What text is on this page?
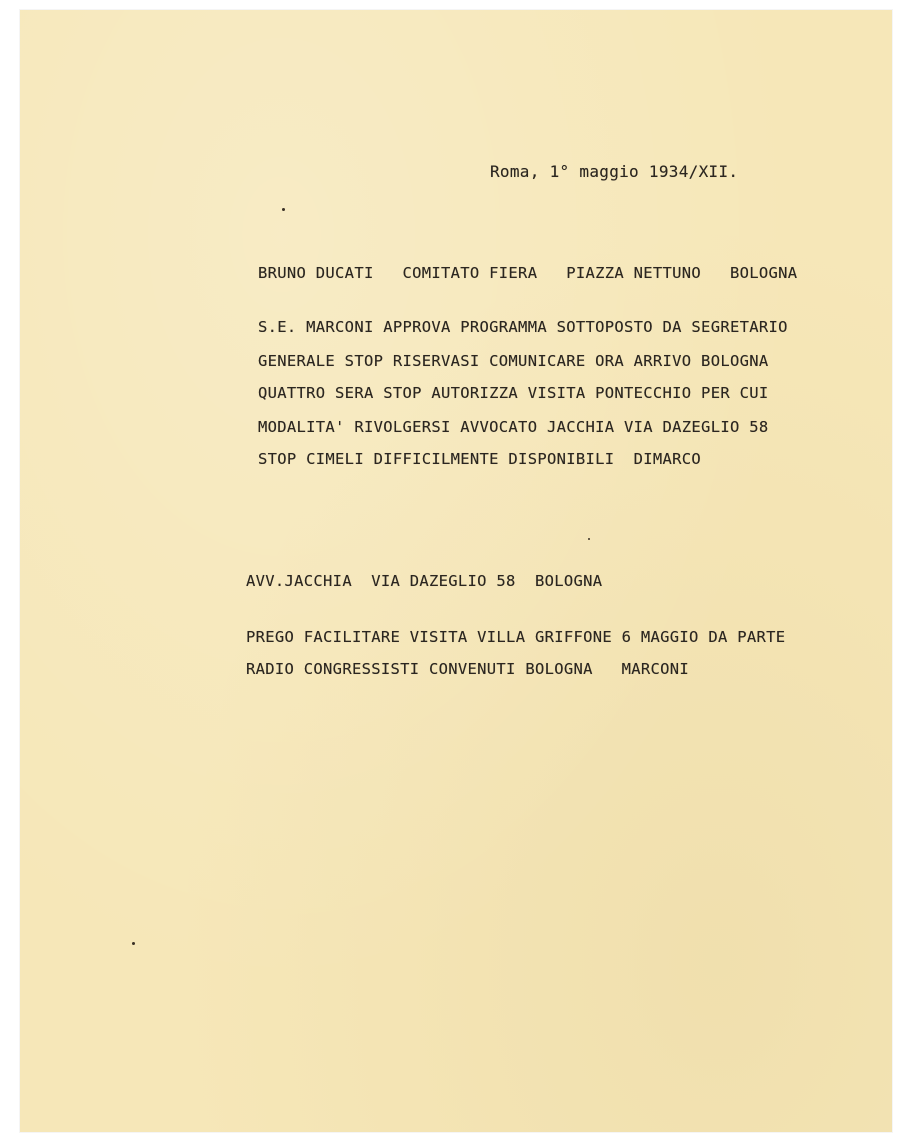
Roma, 1° maggio 1934/XII.
BRUNO DUCATI   COMITATO FIERA   PIAZZA NETTUNO   BOLOGNA
S.E. MARCONI APPROVA PROGRAMMA SOTTOPOSTO DA SEGRETARIO
GENERALE STOP RISERVASI COMUNICARE ORA ARRIVO BOLOGNA
QUATTRO SERA STOP AUTORIZZA VISITA PONTECCHIO PER CUI
MODALITA' RIVOLGERSI AVVOCATO JACCHIA VIA DAZEGLIO 58
STOP CIMELI DIFFICILMENTE DISPONIBILI  DIMARCO
AVV.JACCHIA  VIA DAZEGLIO 58  BOLOGNA
PREGO FACILITARE VISITA VILLA GRIFFONE 6 MAGGIO DA PARTE
RADIO CONGRESSISTI CONVENUTI BOLOGNA   MARCONI
